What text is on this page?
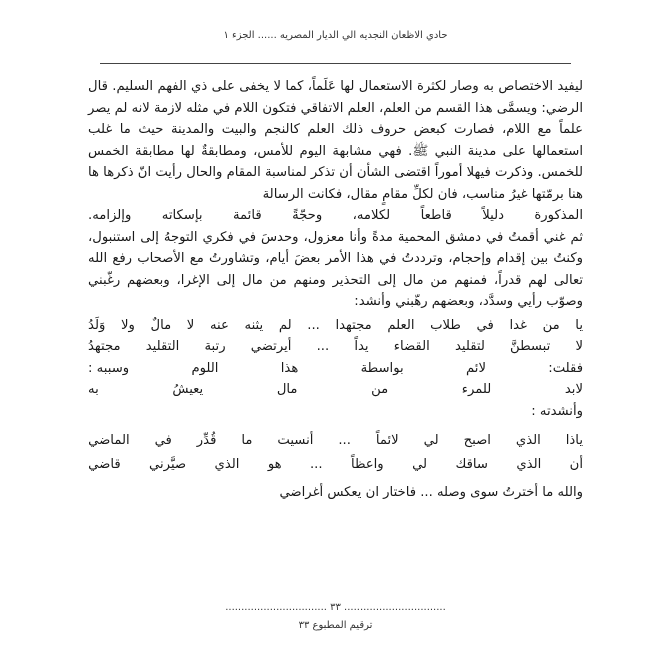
حادي الاظعان النجديه الي الديار المصريه ...... الجزء ١

ليفيد الاختصاص به وصار لكثرة الاستعمال لها عَلَماً، كما لا يخفى على ذي الفهم السليم. قال الرضي: ويسمَّى هذا القسم من العلم، العلم الاتفاقي فتكون اللام في مثله لازمة لانه لم يصر علماً مع اللام، فصارت كبعض حروف ذلك العلم كالنجم والبيت والمدينة حيث ما غلب استعمالها على مدينة النبي ﷺ. فهي مشابهة اليوم للأمس، ومطابقةٌ لها مطابقة الخمس للخمس. وذكرت فيهلا أموراً اقتضى الشأن أن تذكر لمناسبة المقام والحال رأيت انّ ذكرها ها هنا برمّتها غيرُ مناسب، فان لكلِّ مقامٍ مقال، فكانت الرسالة

المذكورة
دليلاً
قاطعاً
لكلامه،
وحجّةً
قائمة
بإسكاته
وإلزامه.

ثم غني أقمتُ في دمشق المحمية مدةً وأنا معزول، وحدسَ في فكري التوجهُ إلى استنبول، وكنتُ بين إقدام وإحجام، وترددتُ في هذا الأمر بعضَ أيام، وتشاورتُ مع الأصحاب رفع الله تعالى لهم قدراً، فمنهم من مال إلى التحذير ومنهم من مال إلى الإغرا، وبعضهم رغّبني وصوّب رأيي وسدَّد، وبعضهم رهّبني وأنشد:

يا
من
غدا
في
طلاب
العلم
مجتهدا
...
لم
يثنه
عنه
لا
مالٌ
ولا
وَلَدُ
لا
تبسطنَّ
لتقليد
القضاء
يداً
...
أيرتضي
رتبة
التقليد
مجتهدُ
فقلت:
لائم
بواسطة
هذا
اللوم
وسببه :
لابد
للمرء
من
مال
يعيشُ
به
وأنشدته :
ياذا
الذي
اصبح
لي
لائماً
...
أنسيت
ما
قُدِّر
في
الماضي
أن
الذي
ساقك
لي
واعظاً
...
هو
الذي
صيَّرني
قاضي
والله ما أخترتُ سوى وصله ... فاختار ان يعكس أغراضي
................................ ٣٣ ................................
ترقيم المطبوع ٣٣
